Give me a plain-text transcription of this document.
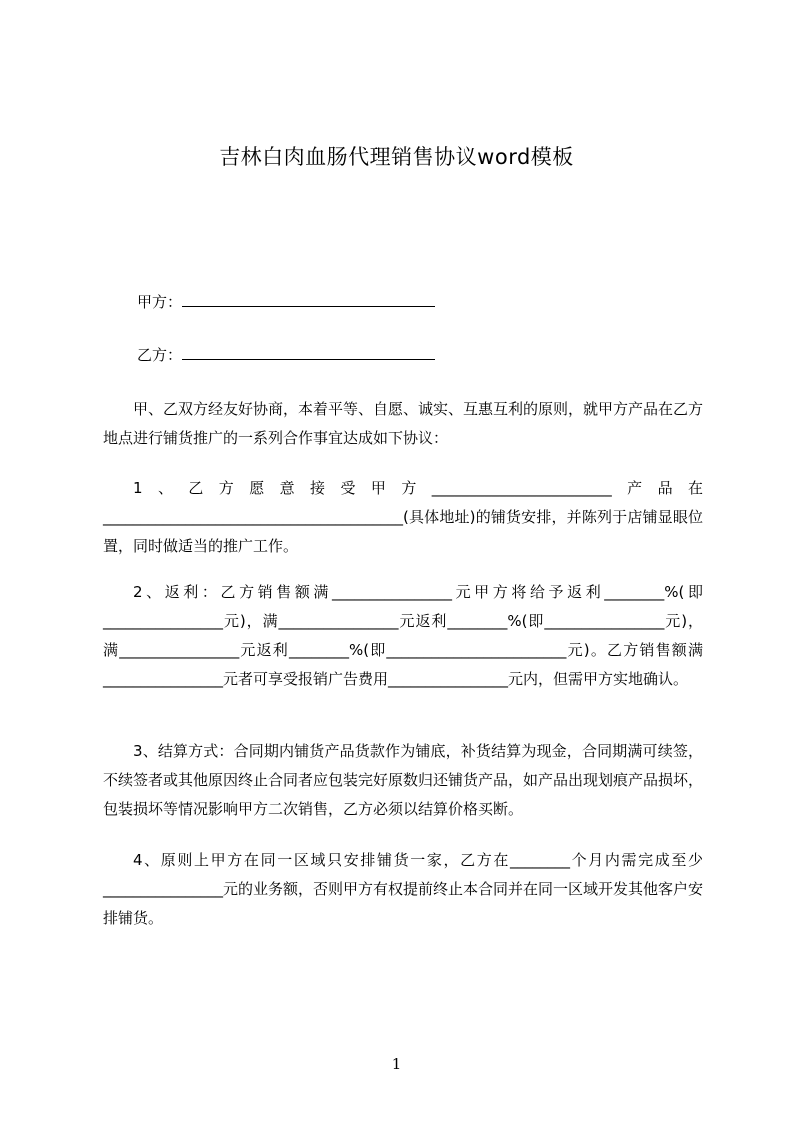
吉林白肉血肠代理销售协议word模板
甲方：
乙方：
甲、乙双方经友好协商，本着平等、自愿、诚实、互惠互利的原则，就甲方产品在乙方地点进行铺货推广的一系列合作事宜达成如下协议：
1、乙方愿意接受甲方________________________产品在________________________________________(具体地址)的铺货安排，并陈列于店铺显眼位置，同时做适当的推广工作。
2、返利：乙方销售额满________________元甲方将给予返利________%(即________________元)，满________________元返利________%(即________________元)，满________________元返利________%(即________________________元)。乙方销售额满________________元者可享受报销广告费用________________元内，但需甲方实地确认。
3、结算方式：合同期内铺货产品货款作为铺底，补货结算为现金，合同期满可续签，不续签者或其他原因终止合同者应包装完好原数归还铺货产品，如产品出现划痕产品损坏，包装损坏等情况影响甲方二次销售，乙方必须以结算价格买断。
4、原则上甲方在同一区域只安排铺货一家，乙方在________个月内需完成至少________________元的业务额，否则甲方有权提前终止本合同并在同一区域开发其他客户安排铺货。
1
